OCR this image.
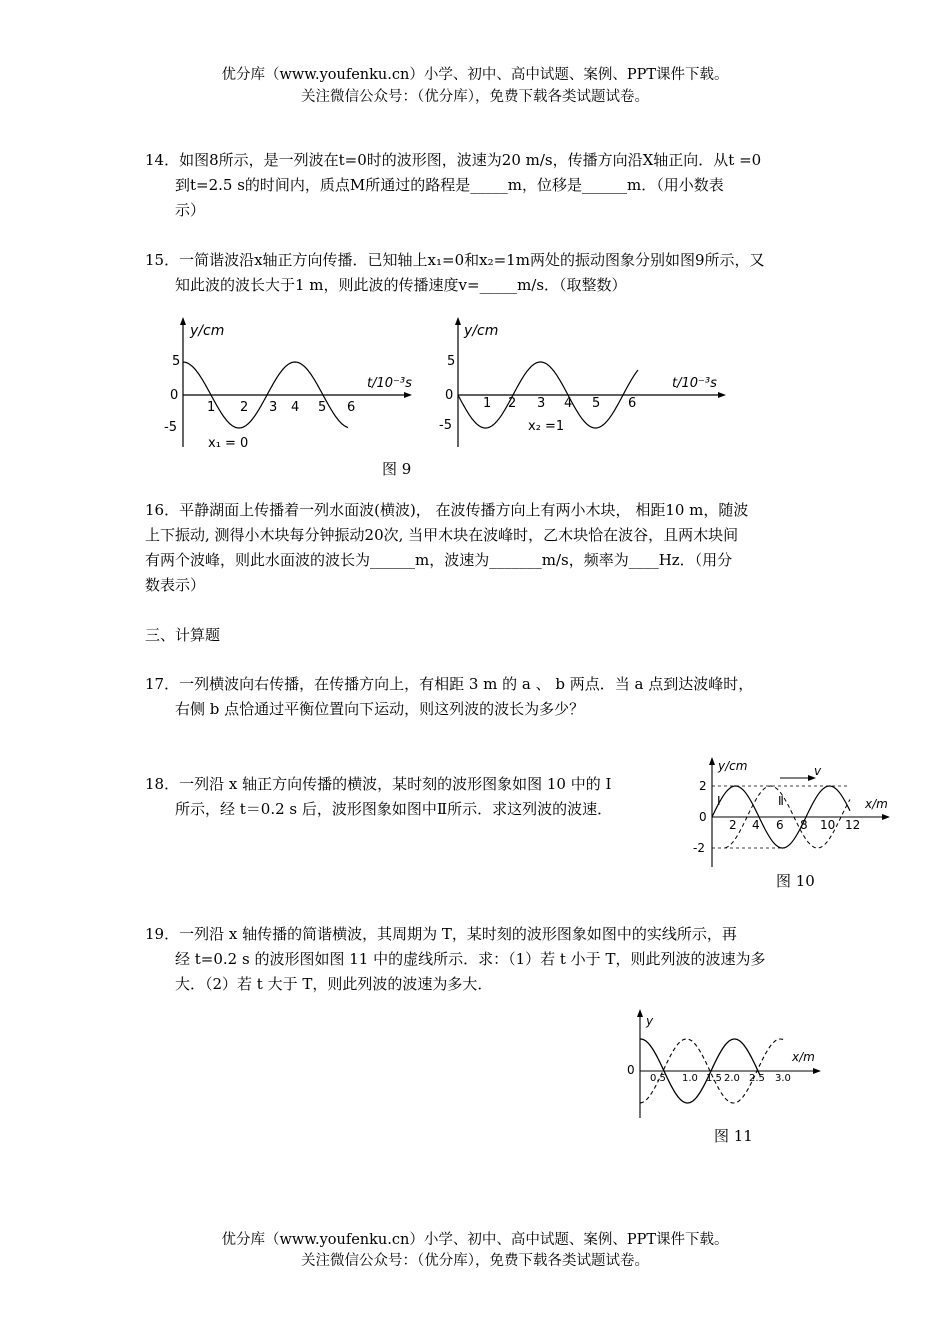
优分库（www.youfenku.cn）小学、初中、高中试题、案例、PPT课件下载。
关注微信公众号：（优分库），免费下载各类试题试卷。
14．如图8所示，是一列波在t=0时的波形图，波速为20 m/s，传播方向沿X轴正向．从t =0
到t=2.5 s的时间内，质点M所通过的路程是_____m，位移是______m．（用小数表
示）
15．一简谐波沿x轴正方向传播．已知轴上x₁=0和x₂=1m两处的振动图象分别如图9所示，又
知此波的波长大于1 m，则此波的传播速度v=_____m/s．（取整数）
y/cm
t/10⁻³s
5
0
-5
1 2 3 4 5 6
x₁ = 0
y/cm
t/10⁻³s
5
0
-5
1 2 3 4 5 6
x₂ =1
图 9
16．平静湖面上传播着一列水面波(横波)， 在波传播方向上有两小木块， 相距10 m，随波
上下振动, 测得小木块每分钟振动20次, 当甲木块在波峰时，乙木块恰在波谷，且两木块间
有两个波峰，则此水面波的波长为______m，波速为_______m/s，频率为____Hz．（用分
数表示）
三、计算题
17．一列横波向右传播，在传播方向上，有相距 3 m 的 a 、 b 两点．当 a 点到达波峰时，
右侧 b 点恰通过平衡位置向下运动，则这列波的波长为多少？
18．一列沿 x 轴正方向传播的横波，某时刻的波形图象如图 10 中的 Ⅰ
所示，经 t＝0.2 s 后，波形图象如图中Ⅱ所示．求这列波的波速．
y/cm
x/m
v
2
0
-2
2 4 6 8 10 12
Ⅰ	Ⅱ
图 10
19．一列沿 x 轴传播的简谐横波，其周期为 T，某时刻的波形图象如图中的实线所示，再
经 t=0.2 s 的波形图如图 11 中的虚线所示．求：（1）若 t 小于 T，则此列波的波速为多
大．（2）若 t 大于 T，则此列波的波速为多大．
y
x/m
0
0.5 1.0 1.5 2.0 2.5 3.0
图 11
优分库（www.youfenku.cn）小学、初中、高中试题、案例、PPT课件下载。
关注微信公众号：（优分库），免费下载各类试题试卷。
